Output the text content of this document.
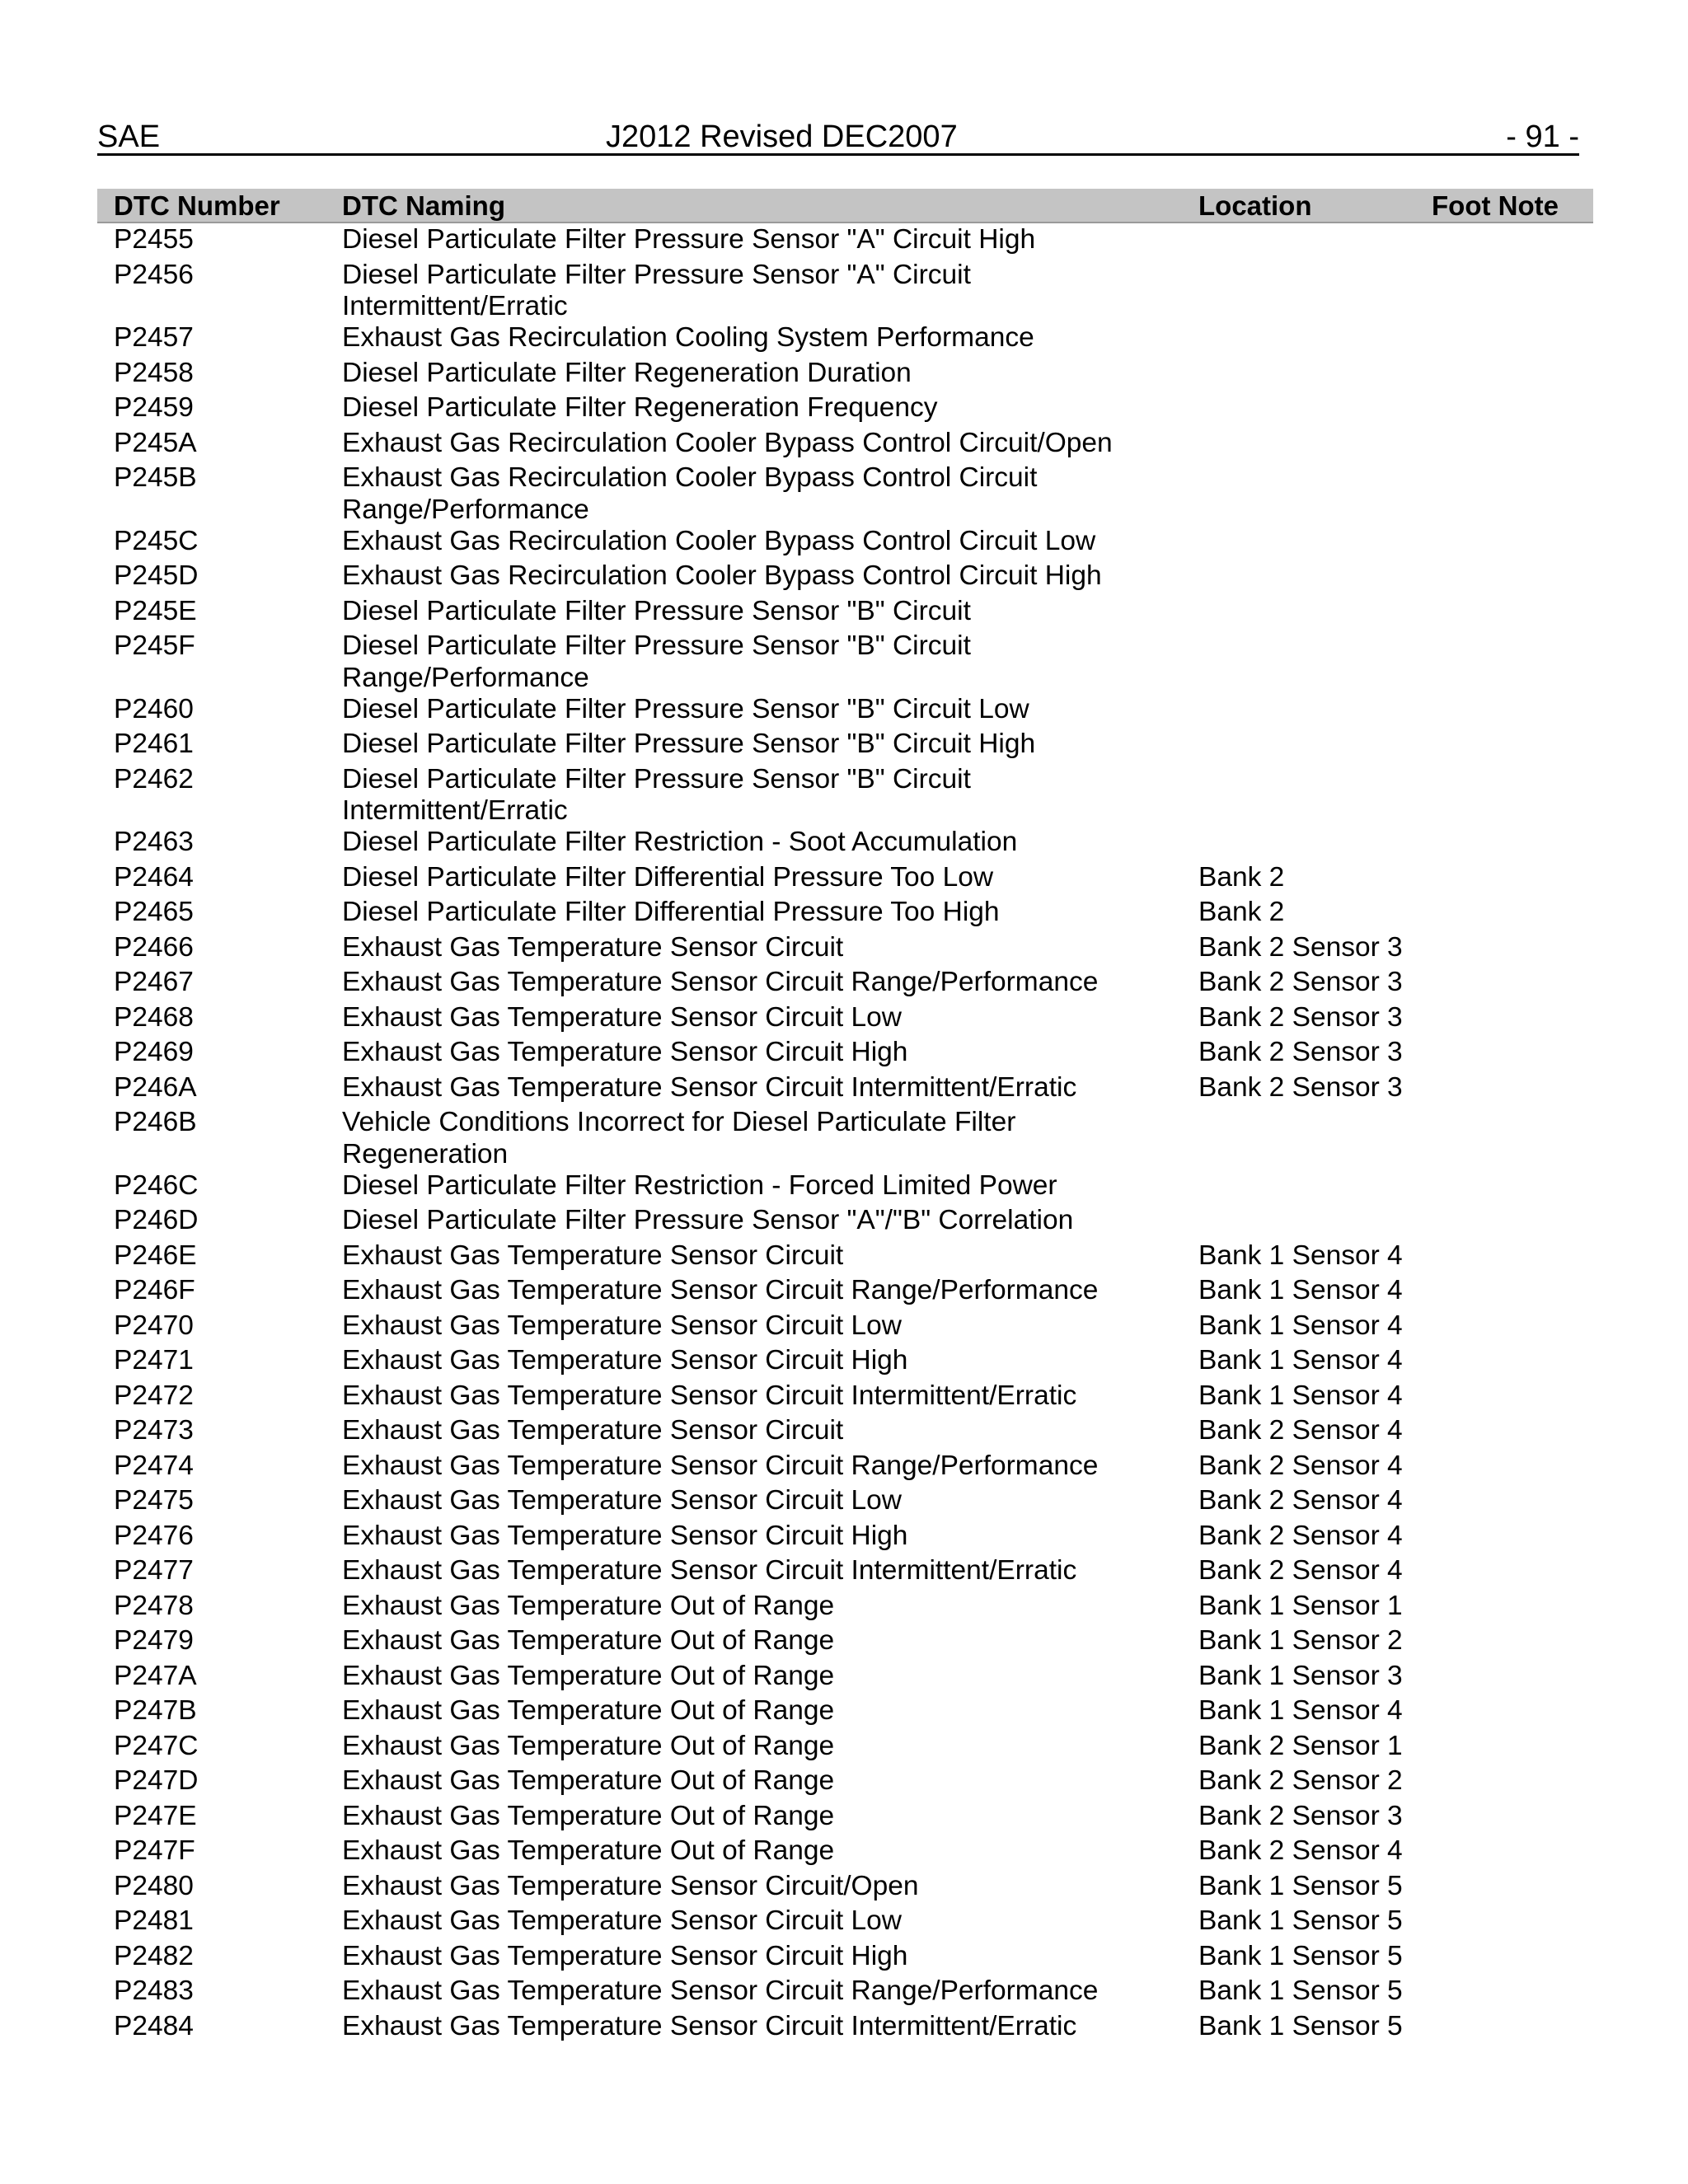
SAE	J2012 Revised DEC2007	- 91 -
DTC Number DTC Naming	Location	Foot Note
P2455	Diesel Particulate Filter Pressure Sensor "A" Circuit High
P2456	Diesel Particulate Filter Pressure Sensor "A" Circuit Intermittent/Erratic
P2457	Exhaust Gas Recirculation Cooling System Performance
P2458	Diesel Particulate Filter Regeneration Duration
P2459	Diesel Particulate Filter Regeneration Frequency
P245A	Exhaust Gas Recirculation Cooler Bypass Control Circuit/Open
P245B	Exhaust Gas Recirculation Cooler Bypass Control Circuit Range/Performance
P245C	Exhaust Gas Recirculation Cooler Bypass Control Circuit Low
P245D	Exhaust Gas Recirculation Cooler Bypass Control Circuit High
P245E	Diesel Particulate Filter Pressure Sensor "B" Circuit
P245F	Diesel Particulate Filter Pressure Sensor "B" Circuit Range/Performance
P2460	Diesel Particulate Filter Pressure Sensor "B" Circuit Low
P2461	Diesel Particulate Filter Pressure Sensor "B" Circuit High
P2462	Diesel Particulate Filter Pressure Sensor "B" Circuit Intermittent/Erratic
P2463	Diesel Particulate Filter Restriction - Soot Accumulation
P2464	Diesel Particulate Filter Differential Pressure Too Low	Bank 2
P2465	Diesel Particulate Filter Differential Pressure Too High	Bank 2
P2466	Exhaust Gas Temperature Sensor Circuit	Bank 2 Sensor 3
P2467	Exhaust Gas Temperature Sensor Circuit Range/Performance	Bank 2 Sensor 3
P2468	Exhaust Gas Temperature Sensor Circuit Low	Bank 2 Sensor 3
P2469	Exhaust Gas Temperature Sensor Circuit High	Bank 2 Sensor 3
P246A	Exhaust Gas Temperature Sensor Circuit Intermittent/Erratic	Bank 2 Sensor 3
P246B	Vehicle Conditions Incorrect for Diesel Particulate Filter Regeneration
P246C	Diesel Particulate Filter Restriction - Forced Limited Power
P246D	Diesel Particulate Filter Pressure Sensor "A"/"B" Correlation
P246E	Exhaust Gas Temperature Sensor Circuit	Bank 1 Sensor 4
P246F	Exhaust Gas Temperature Sensor Circuit Range/Performance	Bank 1 Sensor 4
P2470	Exhaust Gas Temperature Sensor Circuit Low	Bank 1 Sensor 4
P2471	Exhaust Gas Temperature Sensor Circuit High	Bank 1 Sensor 4
P2472	Exhaust Gas Temperature Sensor Circuit Intermittent/Erratic	Bank 1 Sensor 4
P2473	Exhaust Gas Temperature Sensor Circuit	Bank 2 Sensor 4
P2474	Exhaust Gas Temperature Sensor Circuit Range/Performance	Bank 2 Sensor 4
P2475	Exhaust Gas Temperature Sensor Circuit Low	Bank 2 Sensor 4
P2476	Exhaust Gas Temperature Sensor Circuit High	Bank 2 Sensor 4
P2477	Exhaust Gas Temperature Sensor Circuit Intermittent/Erratic	Bank 2 Sensor 4
P2478	Exhaust Gas Temperature Out of Range	Bank 1 Sensor 1
P2479	Exhaust Gas Temperature Out of Range	Bank 1 Sensor 2
P247A	Exhaust Gas Temperature Out of Range	Bank 1 Sensor 3
P247B	Exhaust Gas Temperature Out of Range	Bank 1 Sensor 4
P247C	Exhaust Gas Temperature Out of Range	Bank 2 Sensor 1
P247D	Exhaust Gas Temperature Out of Range	Bank 2 Sensor 2
P247E	Exhaust Gas Temperature Out of Range	Bank 2 Sensor 3
P247F	Exhaust Gas Temperature Out of Range	Bank 2 Sensor 4
P2480	Exhaust Gas Temperature Sensor Circuit/Open	Bank 1 Sensor 5
P2481	Exhaust Gas Temperature Sensor Circuit Low	Bank 1 Sensor 5
P2482	Exhaust Gas Temperature Sensor Circuit High	Bank 1 Sensor 5
P2483	Exhaust Gas Temperature Sensor Circuit Range/Performance	Bank 1 Sensor 5
P2484	Exhaust Gas Temperature Sensor Circuit Intermittent/Erratic	Bank 1 Sensor 5
